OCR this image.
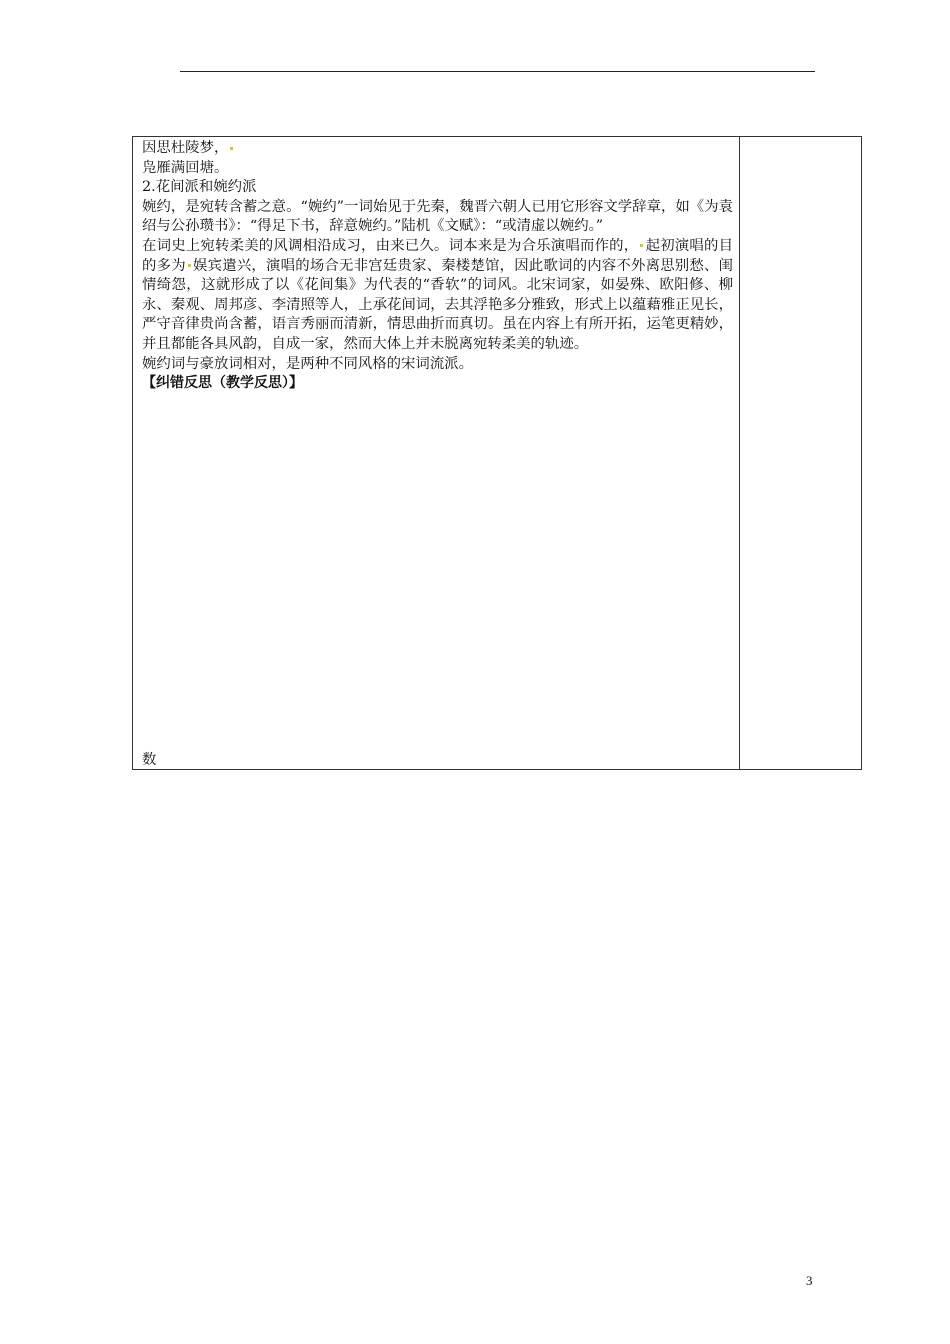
因思杜陵梦，

凫雁满回塘。

2.花间派和婉约派

婉约，是宛转含蓄之意。“婉约”一词始见于先秦，魏晋六朝人已用它形容文学辞章，如《为袁绍与公孙瓒书》：“得足下书，辞意婉约。”陆机《文赋》：“或清虚以婉约。”

在词史上宛转柔美的风调相沿成习，由来已久。词本来是为合乐演唱而作的， 起初演唱的目的多为 娱宾遣兴，演唱的场合无非宫廷贵家、秦楼楚馆，因此歌词的内容不外离思别愁、闺情绮怨，这就形成了以《花间集》为代表的“香软”的词风。北宋词家，如晏殊、欧阳修、柳永、秦观、周邦彦、李清照等人，上承花间词，去其浮艳多分雅致，形式上以蕴藉雅正见长，严守音律贵尚含蓄，语言秀丽而清新，情思曲折而真切。虽在内容上有所开拓，运笔更精妙，并且都能各具风韵，自成一家，然而大体上并未脱离宛转柔美的轨迹。

婉约词与豪放词相对，是两种不同风格的宋词流派。

【纠错反思（教学反思）】

数
3
